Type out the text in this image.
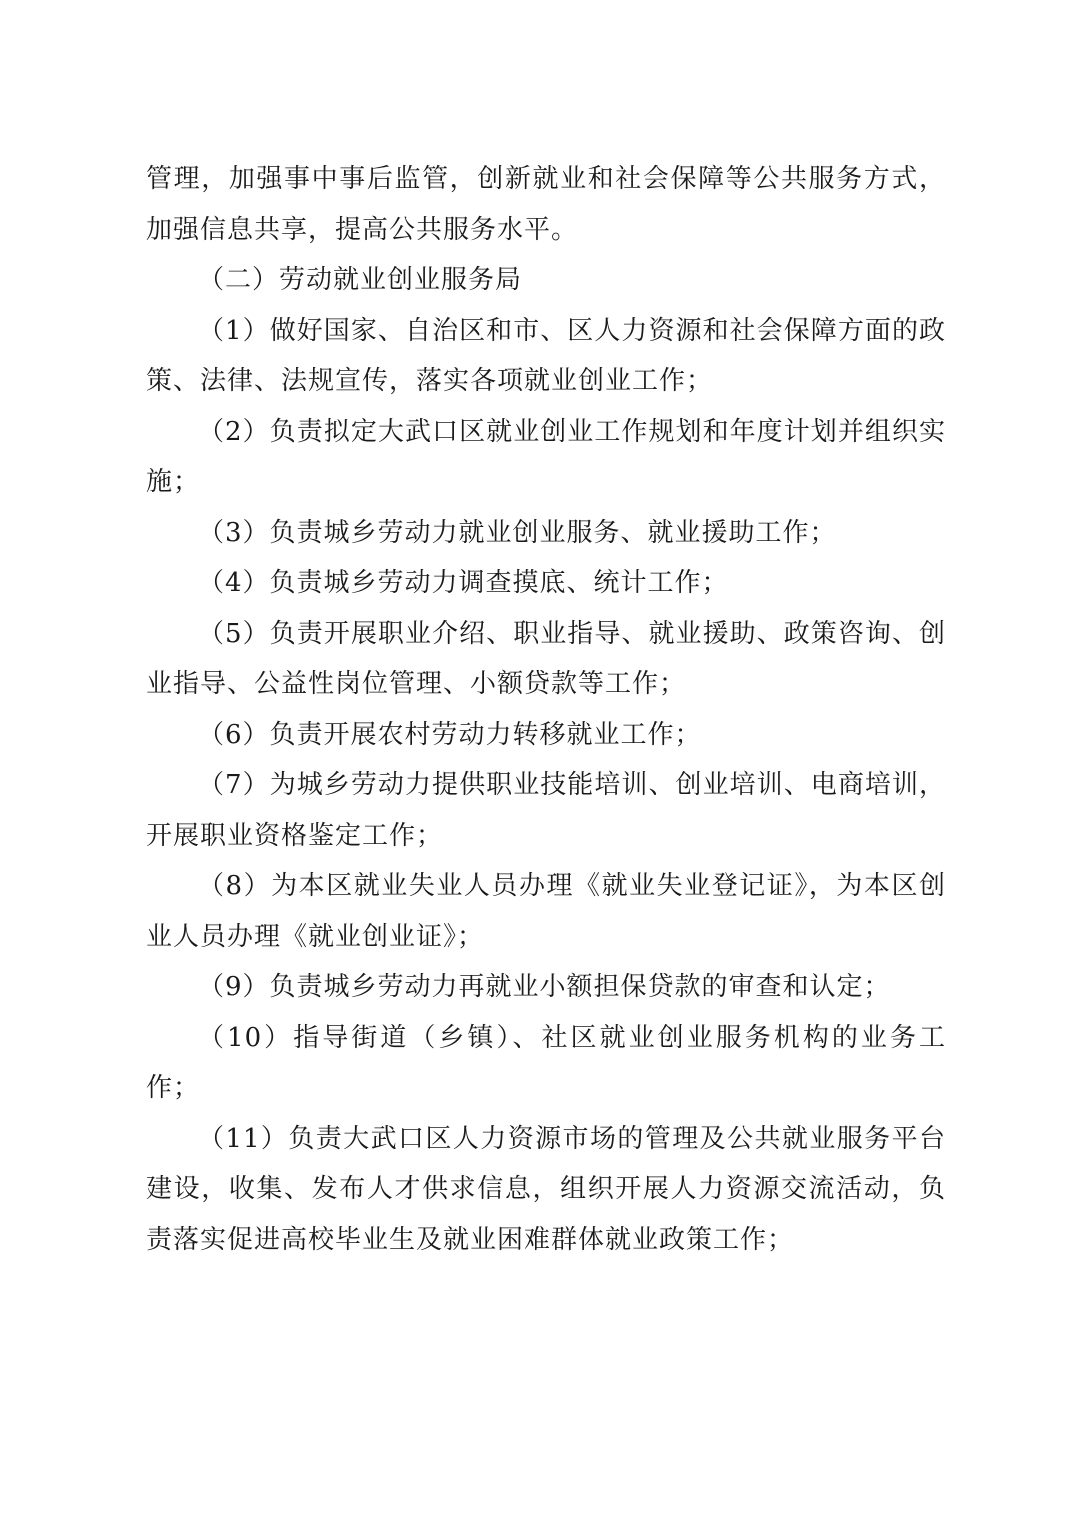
管理，加强事中事后监管，创新就业和社会保障等公共服务方式，加强信息共享，提高公共服务水平。

（二）劳动就业创业服务局

（1）做好国家、自治区和市、区人力资源和社会保障方面的政策、法律、法规宣传，落实各项就业创业工作；

（2）负责拟定大武口区就业创业工作规划和年度计划并组织实施；

（3）负责城乡劳动力就业创业服务、就业援助工作；

（4）负责城乡劳动力调查摸底、统计工作；

（5）负责开展职业介绍、职业指导、就业援助、政策咨询、创业指导、公益性岗位管理、小额贷款等工作；

（6）负责开展农村劳动力转移就业工作；

（7）为城乡劳动力提供职业技能培训、创业培训、电商培训，开展职业资格鉴定工作；

（8）为本区就业失业人员办理《就业失业登记证》，为本区创业人员办理《就业创业证》；

（9）负责城乡劳动力再就业小额担保贷款的审查和认定；

（10）指导街道（乡镇）、社区就业创业服务机构的业务工作；

（11）负责大武口区人力资源市场的管理及公共就业服务平台建设，收集、发布人才供求信息，组织开展人力资源交流活动，负责落实促进高校毕业生及就业困难群体就业政策工作；
